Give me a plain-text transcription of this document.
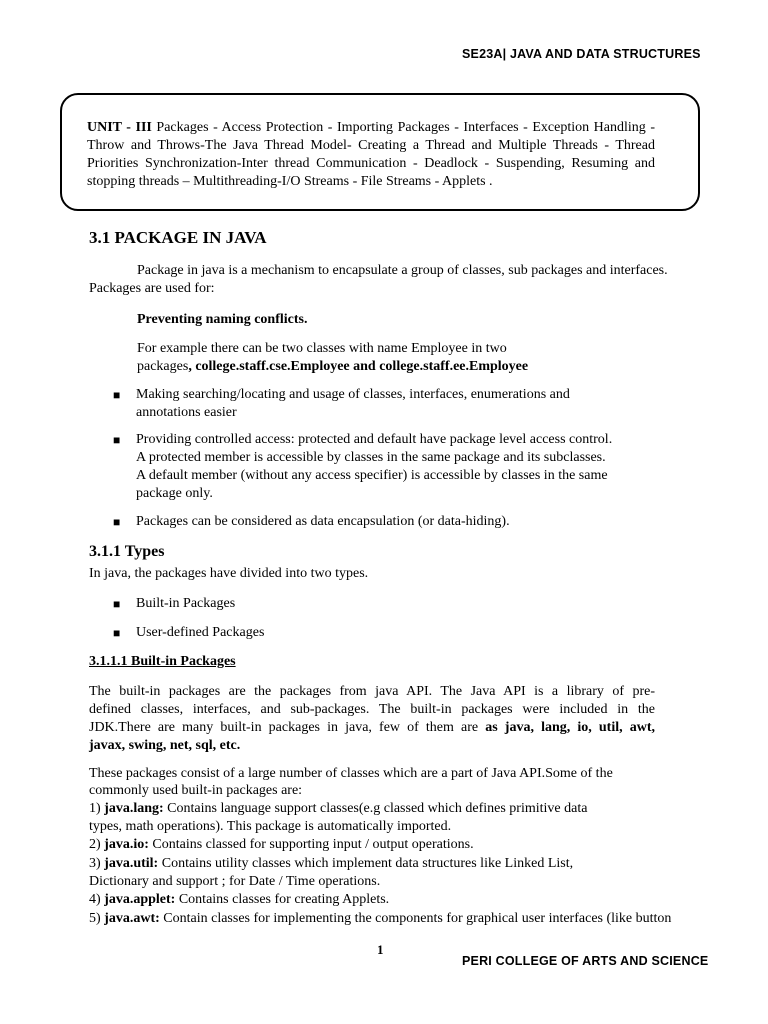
SE23A| JAVA AND DATA STRUCTURES
UNIT - III Packages - Access Protection - Importing Packages - Interfaces - Exception Handling - Throw and Throws-The Java Thread Model- Creating a Thread and Multiple Threads - Thread Priorities Synchronization-Inter thread Communication - Deadlock - Suspending, Resuming and stopping threads – Multithreading-I/O Streams - File Streams - Applets .
3.1 PACKAGE IN JAVA
Package in java is a mechanism to encapsulate a group of classes, sub packages and interfaces.
Packages are used for:
Preventing naming conflicts.
For example there can be two classes with name Employee in two
packages, college.staff.cse.Employee and college.staff.ee.Employee
■ Making searching/locating and usage of classes, interfaces, enumerations and
annotations easier
■ Providing controlled access: protected and default have package level access control.
A protected member is accessible by classes in the same package and its subclasses.
A default member (without any access specifier) is accessible by classes in the same
package only.
■ Packages can be considered as data encapsulation (or data-hiding).
3.1.1 Types
In java, the packages have divided into two types.
■ Built-in Packages
■ User-defined Packages
3.1.1.1 Built-in Packages
The built-in packages are the packages from java API. The Java API is a library of pre-
defined classes, interfaces, and sub-packages. The built-in packages were included in the
JDK.There are many built-in packages in java, few of them are as java, lang, io, util, awt,
javax, swing, net, sql, etc.
These packages consist of a large number of classes which are a part of Java API.Some of the
commonly used built-in packages are:
1) java.lang: Contains language support classes(e.g classed which defines primitive data
types, math operations). This package is automatically imported.
2) java.io: Contains classed for supporting input / output operations.
3) java.util: Contains utility classes which implement data structures like Linked List,
Dictionary and support ; for Date / Time operations.
4) java.applet: Contains classes for creating Applets.
5) java.awt: Contain classes for implementing the components for graphical user interfaces (like button
1
PERI COLLEGE OF ARTS AND SCIENCE
